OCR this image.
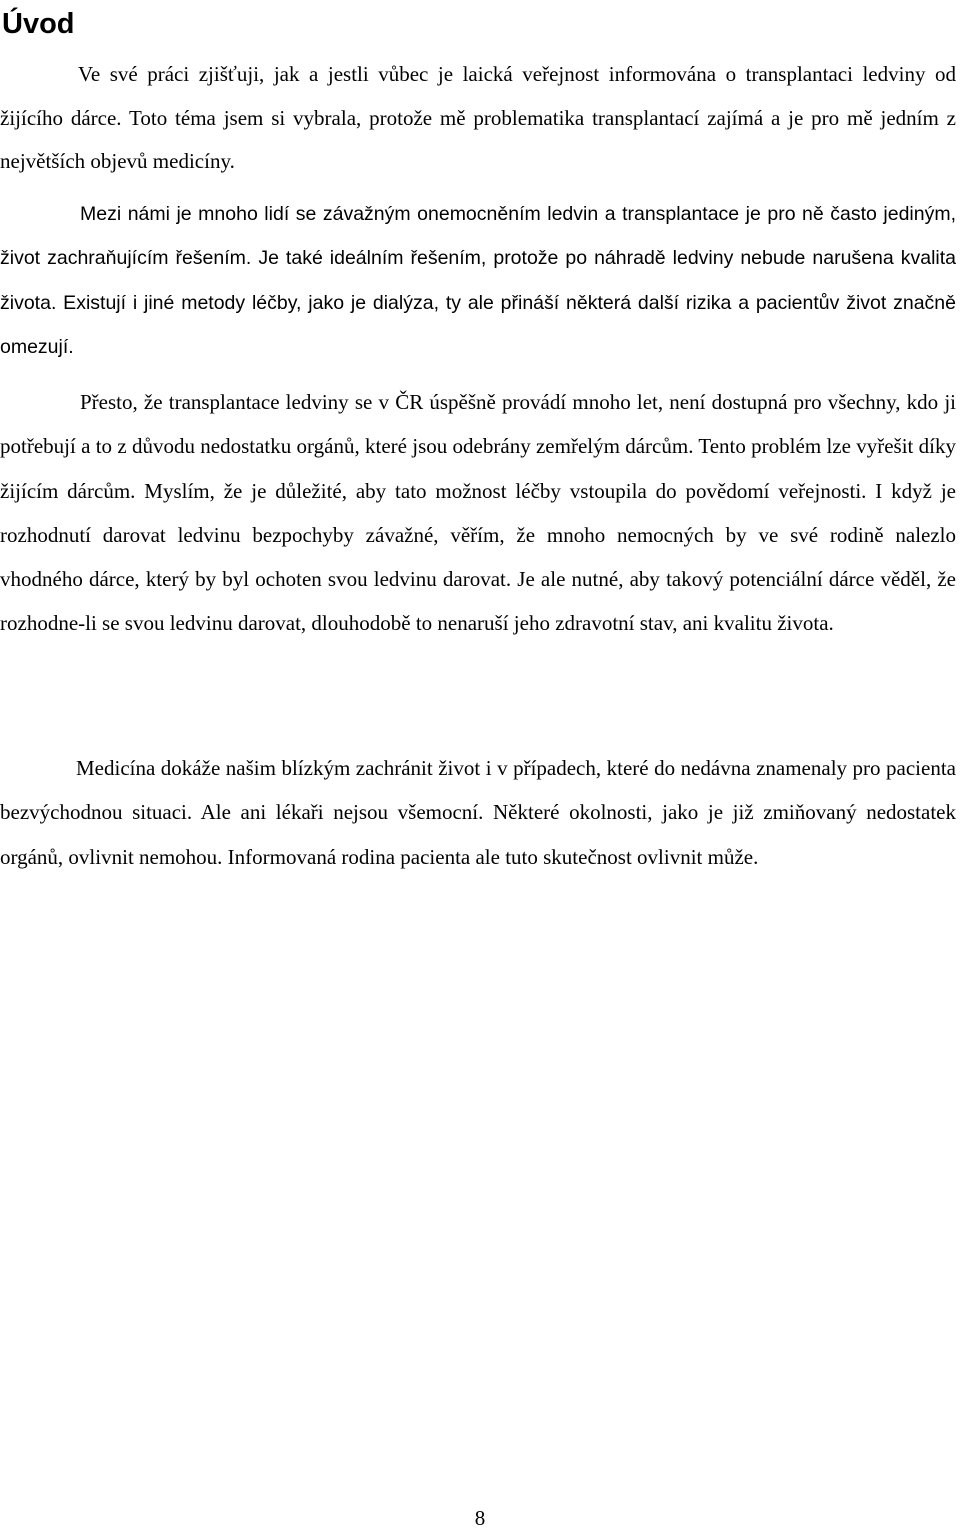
Úvod

Ve své práci zjišťuji, jak a jestli vůbec je laická veřejnost informována o transplantaci ledviny od žijícího dárce. Toto téma jsem si vybrala, protože mě problematika transplantací zajímá a je pro mě jedním z největších objevů medicíny.

Mezi námi je mnoho lidí se závažným onemocněním ledvin a transplantace je pro ně často jediným, život zachraňujícím řešením. Je také ideálním řešením, protože po náhradě ledviny nebude narušena kvalita života. Existují i jiné metody léčby, jako je dialýza, ty ale přináší některá další rizika a pacientův život značně omezují.

Přesto, že transplantace ledviny se v ČR úspěšně provádí mnoho let, není dostupná pro všechny, kdo ji potřebují a to z důvodu nedostatku orgánů, které jsou odebrány zemřelým dárcům. Tento problém lze vyřešit díky žijícím dárcům. Myslím, že je důležité, aby tato možnost léčby vstoupila do povědomí veřejnosti. I když je rozhodnutí darovat ledvinu bezpochyby závažné, věřím, že mnoho nemocných by ve své rodině nalezlo vhodného dárce, který by byl ochoten svou ledvinu darovat. Je ale nutné, aby takový potenciální dárce věděl, že rozhodne-li se svou ledvinu darovat, dlouhodobě to nenaruší jeho zdravotní stav, ani kvalitu života.

Medicína dokáže našim blízkým zachránit život i v případech, které do nedávna znamenaly pro pacienta bezvýchodnou situaci. Ale ani lékaři nejsou všemocní. Některé okolnosti, jako je již zmiňovaný nedostatek orgánů, ovlivnit nemohou. Informovaná rodina pacienta ale tuto skutečnost ovlivnit může.

8
